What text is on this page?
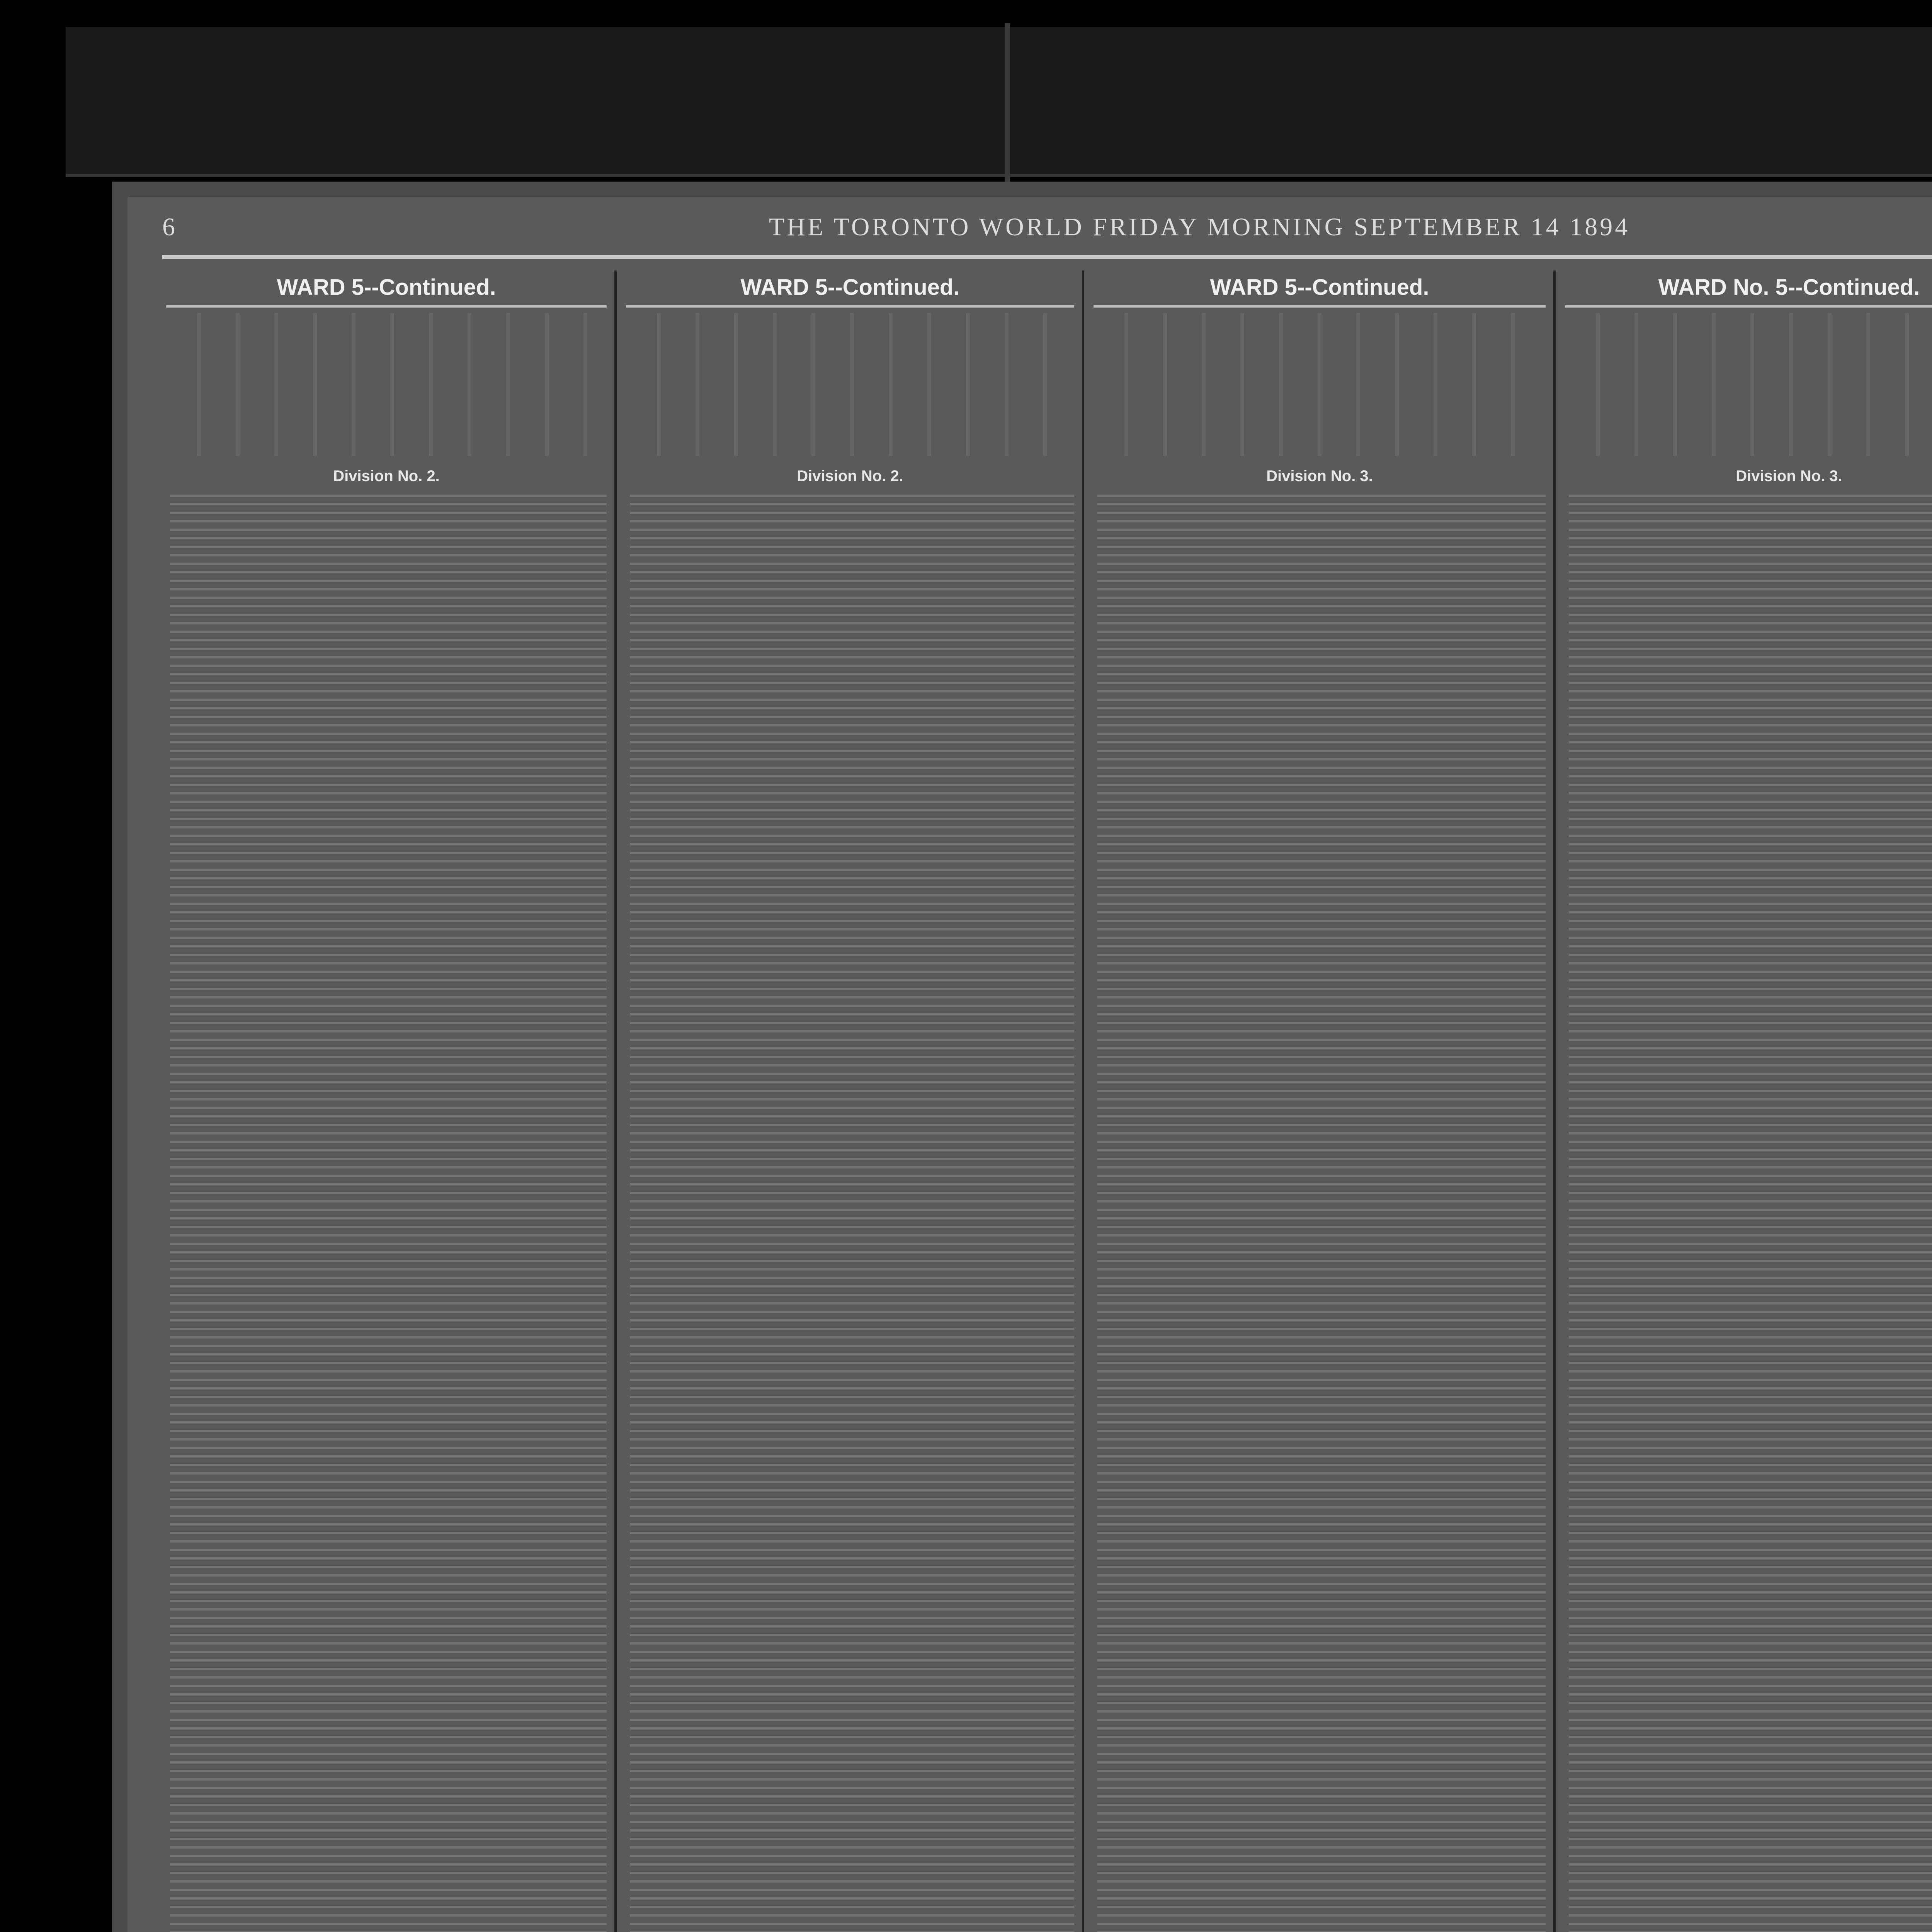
6	THE TORONTO WORLD FRIDAY MORNING SEPTEMBER 14 1894
WARD 5--Continued.
Division No. 2.
WARD 5--Continued.
Division No. 2.
WARD 5--Continued.
Division No. 3.
WARD No. 5--Continued.
Division No. 3.
